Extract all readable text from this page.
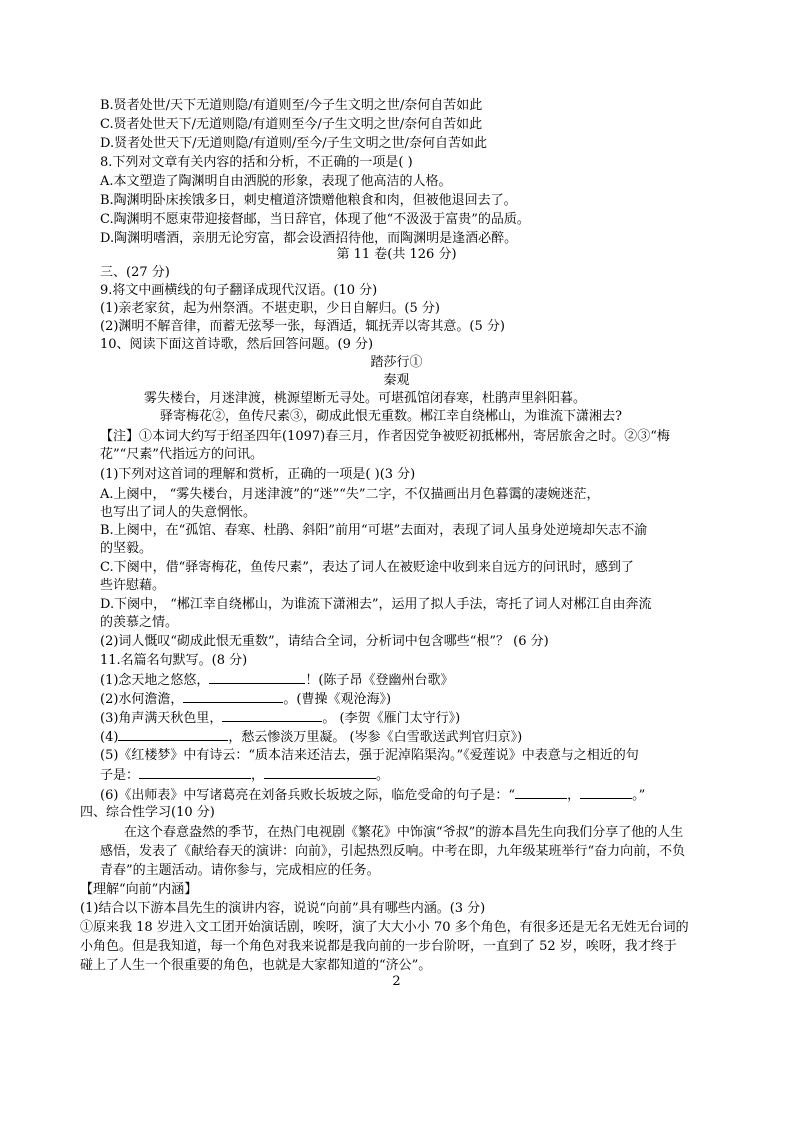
B.贤者处世/天下无道则隐/有道则至/今子生文明之世/奈何自苦如此
C.贤者处世天下/无道则隐/有道则至今/子生文明之世/奈何自苦如此
D.贤者处世天下/无道则隐/有道则/至今/子生文明之世/奈何自苦如此
8.下列对文章有关内容的括和分析，不正确的一项是( )
A.本文塑造了陶渊明自由洒脱的形象，表现了他高洁的人格。
B.陶渊明卧床挨饿多日，刺史檀道济馈赠他粮食和肉，但被他退回去了。
C.陶渊明不愿束带迎接督邮，当日辞官，体现了他“不汲汲于富贵”的品质。
D.陶渊明嗜酒，亲朋无论穷富，都会设酒招待他，而陶渊明是逢酒必醉。
第 11 卷(共 126 分)
三、(27 分)
9.将文中画横线的句子翻译成现代汉语。(10 分)
(1)亲老家贫，起为州祭酒。不堪吏职，少日自解归。(5 分)
(2)渊明不解音律，而蓄无弦琴一张，每酒适，辄抚弄以寄其意。(5 分)
10、阅读下面这首诗歌，然后回答问题。(9 分)
踏莎行①
秦观
雾失楼台，月迷津渡，桃源望断无寻处。可堪孤馆闭春寒，杜鹃声里斜阳暮。
驿寄梅花②，鱼传尺素③，砌成此恨无重数。郴江幸自绕郴山，为谁流下潇湘去?
【注】①本词大约写于绍圣四年(1097)春三月，作者因党争被贬初抵郴州，寄居旅舍之时。②③“梅
花”“尺素”代指远方的问讯。
(1)下列对这首词的理解和赏析，正确的一项是( )(3 分)
A.上阕中， “雾失楼台，月迷津渡”的“迷”“失”二字，不仅描画出月色暮霭的凄婉迷茫，
也写出了词人的失意惘怅。
B.上阕中，在“孤馆、春寒、杜鹃、斜阳”前用“可堪”去面对，表现了词人虽身处逆境却矢志不渝
的坚毅。
C.下阕中，借“驿寄梅花，鱼传尺素”，表达了词人在被贬途中收到来自远方的问讯时，感到了
些许慰藉。
D.下阕中， “郴江幸自绕郴山，为谁流下潇湘去”，运用了拟人手法，寄托了词人对郴江自由奔流
的羡慕之情。
(2)词人慨叹“砌成此恨无重数”，请结合全词，分析词中包含哪些“根”？ (6 分)
11.名篇名句默写。(8 分)
(1)念天地之悠悠，	！(陈子昂《登幽州台歌》
(2)水何澹澹，	。(曹操《观沧海》)
(3)角声满天秋色里，	。 (李贺《雁门太守行》)
(4)	，愁云惨淡万里凝。 (岑参《白雪歌送武判官归京》)
(5)《红楼梦》中有诗云：“质本洁来还洁去，强于泥淖陷渠沟。”《爱莲说》中表意与之相近的句
子是：	，	。
(6)《出师表》中写诸葛亮在刘备兵败长坂坡之际，临危受命的句子是：“	，	。”
四、综合性学习(10 分)
在这个春意盎然的季节，在热门电视剧《繁花》中饰演“爷叔”的游本昌先生向我们分享了他的人生
感悟，发表了《献给春天的演讲：向前》，引起热烈反响。中考在即，九年级某班举行“奋力向前，不负
青春”的主题活动。请你参与，完成相应的任务。
【理解“向前”内涵】
(1)结合以下游本昌先生的演讲内容，说说“向前”具有哪些内涵。(3 分)
①原来我 18 岁进入文工团开始演话剧，唉呀，演了大大小小 70 多个角色，有很多还是无名无姓无台词的
小角色。但是我知道，每一个角色对我来说都是我向前的一步台阶呀，一直到了 52 岁，唉呀，我才终于
碰上了人生一个很重要的角色，也就是大家都知道的“济公”。
2
